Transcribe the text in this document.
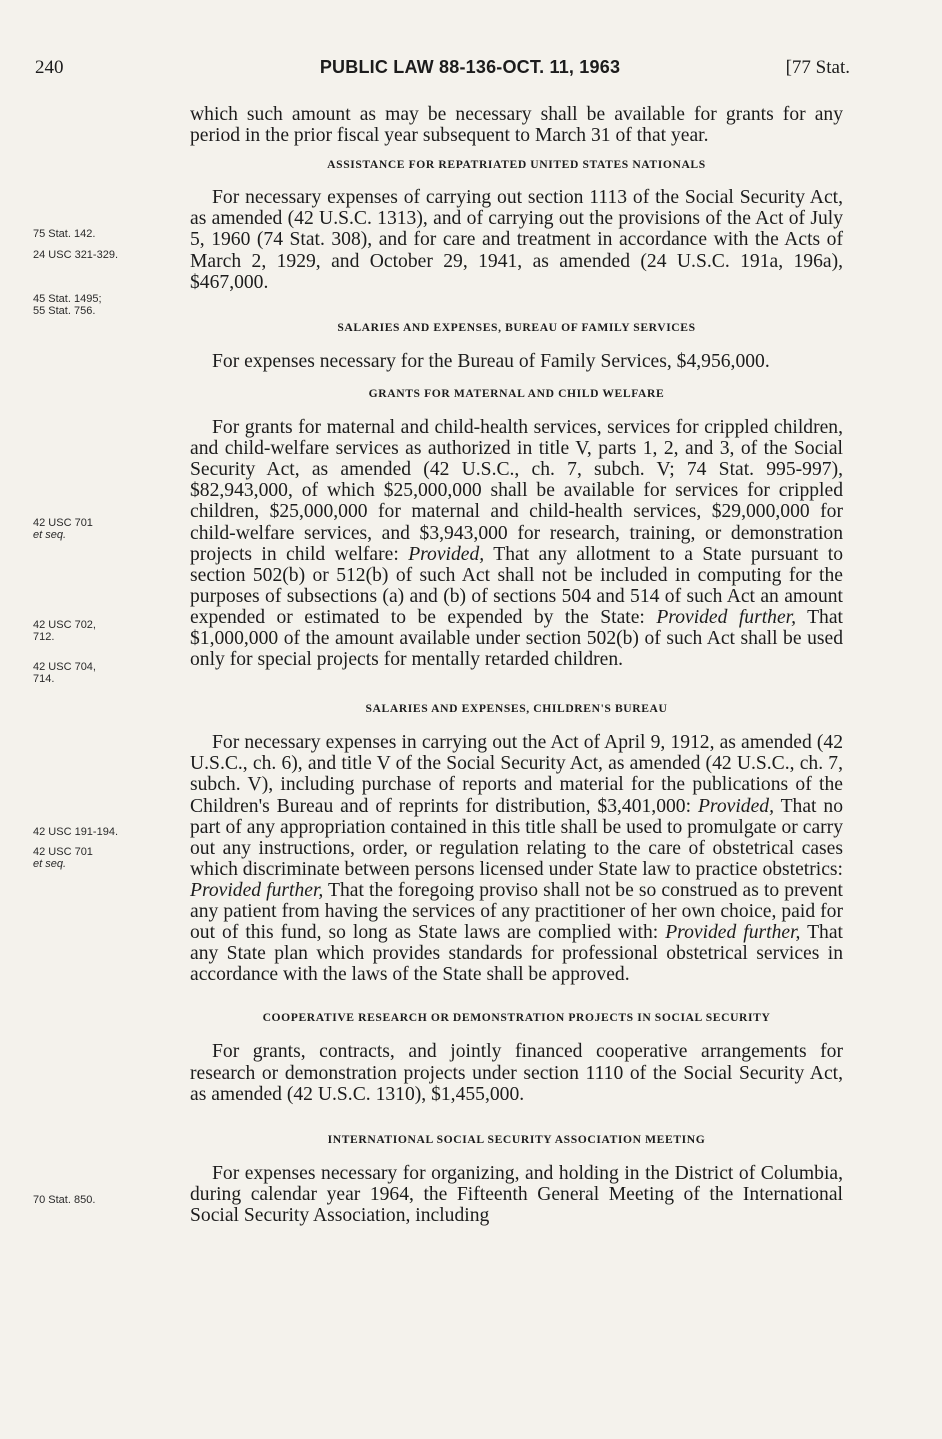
240	PUBLIC LAW 88-136-OCT. 11, 1963	[77 Stat.

which such amount as may be necessary shall be available for grants for any period in the prior fiscal year subsequent to March 31 of that year.

ASSISTANCE FOR REPATRIATED UNITED STATES NATIONALS

For necessary expenses of carrying out section 1113 of the Social Security Act, as amended (42 U.S.C. 1313), and of carrying out the provisions of the Act of July 5, 1960 (74 Stat. 308), and for care and treatment in accordance with the Acts of March 2, 1929, and October 29, 1941, as amended (24 U.S.C. 191a, 196a), $467,000.

SALARIES AND EXPENSES, BUREAU OF FAMILY SERVICES

For expenses necessary for the Bureau of Family Services, $4,956,000.

GRANTS FOR MATERNAL AND CHILD WELFARE

For grants for maternal and child-health services, services for crippled children, and child-welfare services as authorized in title V, parts 1, 2, and 3, of the Social Security Act, as amended (42 U.S.C., ch. 7, subch. V; 74 Stat. 995-997), $82,943,000, of which $25,000,000 shall be available for services for crippled children, $25,000,000 for maternal and child-health services, $29,000,000 for child-welfare services, and $3,943,000 for research, training, or demonstration projects in child welfare: Provided, That any allotment to a State pursuant to section 502(b) or 512(b) of such Act shall not be included in computing for the purposes of subsections (a) and (b) of sections 504 and 514 of such Act an amount expended or estimated to be expended by the State: Provided further, That $1,000,000 of the amount available under section 502(b) of such Act shall be used only for special projects for mentally retarded children.

SALARIES AND EXPENSES, CHILDREN'S BUREAU

For necessary expenses in carrying out the Act of April 9, 1912, as amended (42 U.S.C., ch. 6), and title V of the Social Security Act, as amended (42 U.S.C., ch. 7, subch. V), including purchase of reports and material for the publications of the Children's Bureau and of reprints for distribution, $3,401,000: Provided, That no part of any appropriation contained in this title shall be used to promulgate or carry out any instructions, order, or regulation relating to the care of obstetrical cases which discriminate between persons licensed under State law to practice obstetrics: Provided further, That the foregoing proviso shall not be so construed as to prevent any patient from having the services of any practitioner of her own choice, paid for out of this fund, so long as State laws are complied with: Provided further, That any State plan which provides standards for professional obstetrical services in accordance with the laws of the State shall be approved.

COOPERATIVE RESEARCH OR DEMONSTRATION PROJECTS IN SOCIAL SECURITY

For grants, contracts, and jointly financed cooperative arrangements for research or demonstration projects under section 1110 of the Social Security Act, as amended (42 U.S.C. 1310), $1,455,000.

INTERNATIONAL SOCIAL SECURITY ASSOCIATION MEETING

For expenses necessary for organizing, and holding in the District of Columbia, during calendar year 1964, the Fifteenth General Meeting of the International Social Security Association, including

75 Stat. 142.
24 USC 321-329.
45 Stat. 1495;
55 Stat. 756.
42 USC 701
et seq.
42 USC 702,
712.
42 USC 704,
714.
42 USC 191-194.
42 USC 701
et seq.
70 Stat. 850.
